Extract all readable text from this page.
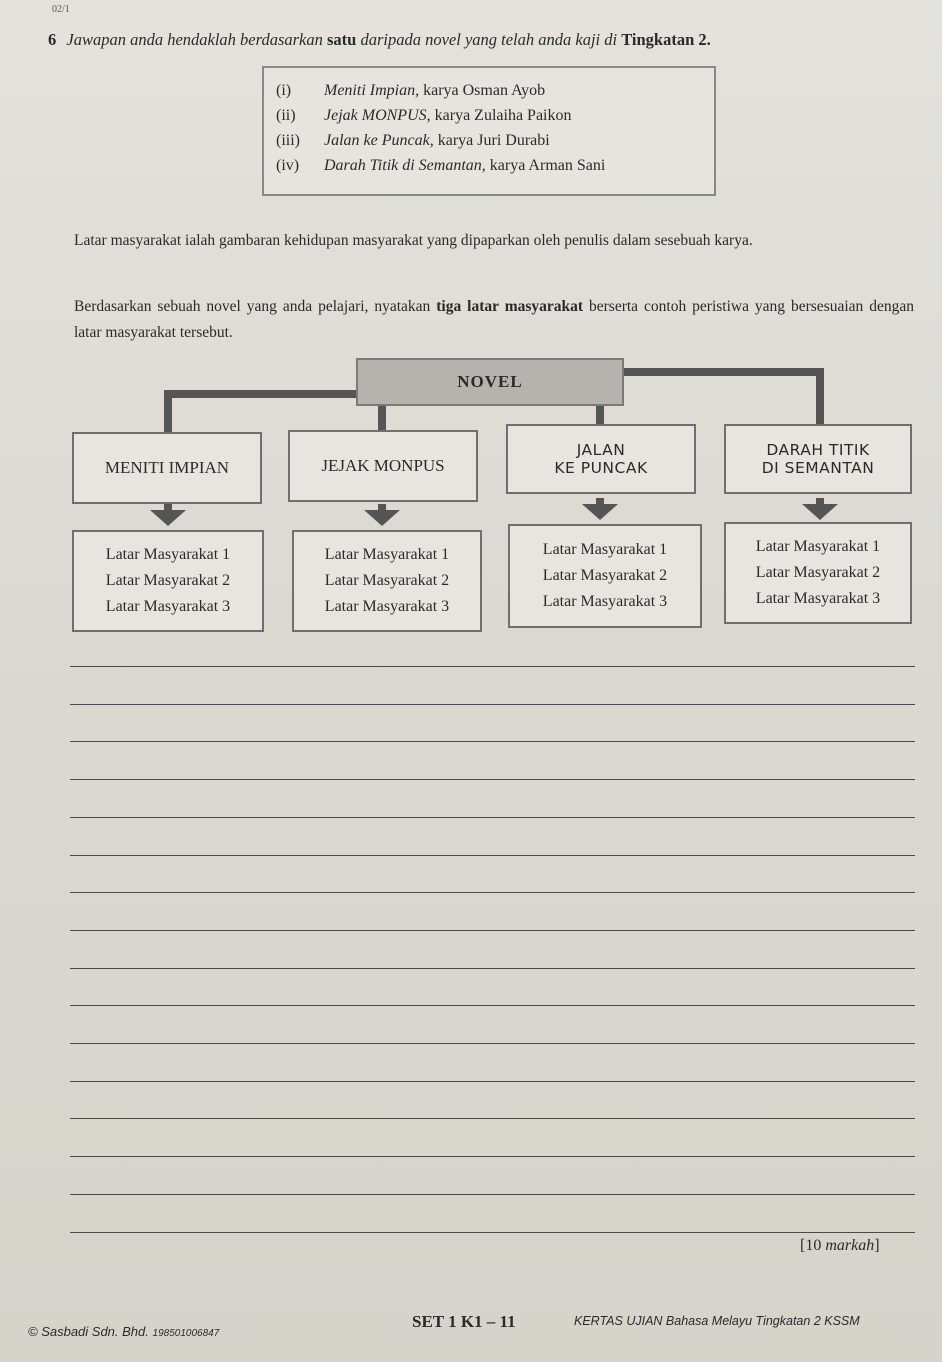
02/1
6 Jawapan anda hendaklah berdasarkan satu daripada novel yang telah anda kaji di Tingkatan 2.
(i) Meniti Impian, karya Osman Ayob
(ii) Jejak MONPUS, karya Zulaiha Paikon
(iii) Jalan ke Puncak, karya Juri Durabi
(iv) Darah Titik di Semantan, karya Arman Sani
Latar masyarakat ialah gambaran kehidupan masyarakat yang dipaparkan oleh penulis dalam sesebuah karya.
Berdasarkan sebuah novel yang anda pelajari, nyatakan tiga latar masyarakat berserta contoh peristiwa yang bersesuaian dengan latar masyarakat tersebut.
NOVEL
MENITI IMPIAN	JEJAK MONPUS
JALAN
KE PUNCAK
DARAH TITIK
DI SEMANTAN
Latar Masyarakat 1
Latar Masyarakat 2
Latar Masyarakat 3
Latar Masyarakat 1
Latar Masyarakat 2
Latar Masyarakat 3
Latar Masyarakat 1
Latar Masyarakat 2
Latar Masyarakat 3
Latar Masyarakat 1
Latar Masyarakat 2
Latar Masyarakat 3
[10 markah]
© Sasbadi Sdn. Bhd. 198501006847
SET 1 K1 – 11	KERTAS UJIAN Bahasa Melayu Tingkatan 2 KSSM
